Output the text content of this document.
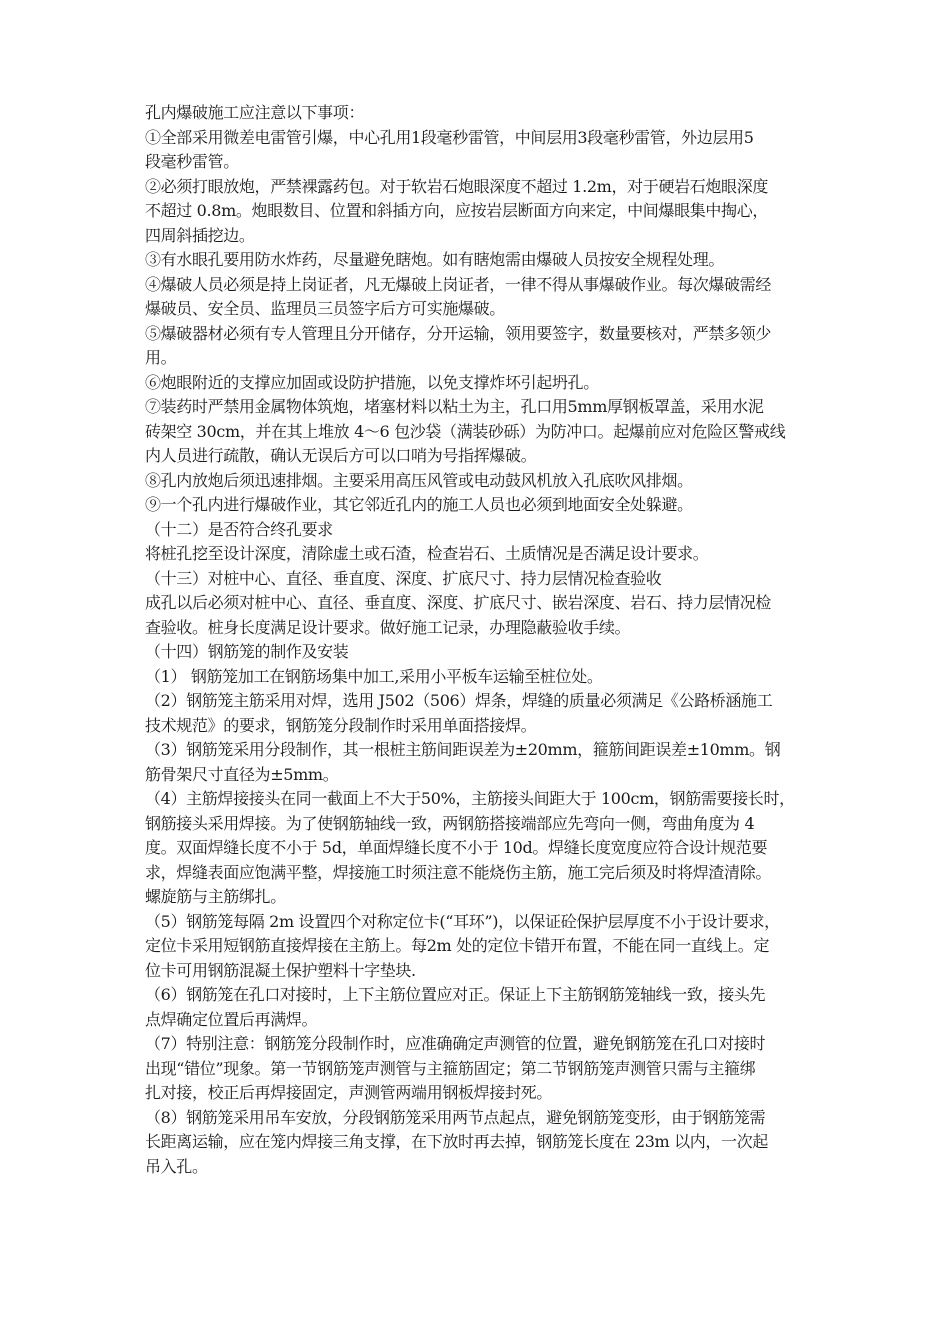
孔内爆破施工应注意以下事项：
①全部采用微差电雷管引爆，中心孔用1段毫秒雷管，中间层用3段毫秒雷管，外边层用5
段毫秒雷管。
②必须打眼放炮，严禁裸露药包。对于软岩石炮眼深度不超过 1.2m，对于硬岩石炮眼深度
不超过 0.8m。炮眼数目、位置和斜插方向，应按岩层断面方向来定，中间爆眼集中掏心，
四周斜插挖边。
③有水眼孔要用防水炸药，尽量避免瞎炮。如有瞎炮需由爆破人员按安全规程处理。
④爆破人员必须是持上岗证者，凡无爆破上岗证者，一律不得从事爆破作业。每次爆破需经
爆破员、安全员、监理员三员签字后方可实施爆破。
⑤爆破器材必须有专人管理且分开储存，分开运输，领用要签字，数量要核对，严禁多领少
用。
⑥炮眼附近的支撑应加固或设防护措施，以免支撑炸坏引起坍孔。
⑦装药时严禁用金属物体筑炮，堵塞材料以粘土为主，孔口用5mm厚钢板罩盖，采用水泥
砖架空 30cm，并在其上堆放 4～6 包沙袋（满装砂砾）为防冲口。起爆前应对危险区警戒线
内人员进行疏散，确认无误后方可以口哨为号指挥爆破。
⑧孔内放炮后须迅速排烟。主要采用高压风管或电动鼓风机放入孔底吹风排烟。
⑨一个孔内进行爆破作业，其它邻近孔内的施工人员也必须到地面安全处躲避。
（十二）是否符合终孔要求
将桩孔挖至设计深度，清除虚土或石渣，检查岩石、土质情况是否满足设计要求。
（十三）对桩中心、直径、垂直度、深度、扩底尺寸、持力层情况检查验收
成孔以后必须对桩中心、直径、垂直度、深度、扩底尺寸、嵌岩深度、岩石、持力层情况检
查验收。桩身长度满足设计要求。做好施工记录，办理隐蔽验收手续。
（十四）钢筋笼的制作及安装
（1） 钢筋笼加工在钢筋场集中加工,采用小平板车运输至桩位处。
（2）钢筋笼主筋采用对焊，选用 J502（506）焊条，焊缝的质量必须满足《公路桥涵施工
技术规范》的要求，钢筋笼分段制作时采用单面搭接焊。
（3）钢筋笼采用分段制作，其一根桩主筋间距误差为±20mm，箍筋间距误差±10mm。钢
筋骨架尺寸直径为±5mm。
（4）主筋焊接接头在同一截面上不大于50%，主筋接头间距大于 100cm，钢筋需要接长时，
钢筋接头采用焊接。为了使钢筋轴线一致，两钢筋搭接端部应先弯向一侧，弯曲角度为 4
度。双面焊缝长度不小于 5d，单面焊缝长度不小于 10d。焊缝长度宽度应符合设计规范要
求，焊缝表面应饱满平整，焊接施工时须注意不能烧伤主筋，施工完后须及时将焊渣清除。
螺旋筋与主筋绑扎。
（5）钢筋笼每隔 2m 设置四个对称定位卡(“耳环”)，以保证砼保护层厚度不小于设计要求，
定位卡采用短钢筋直接焊接在主筋上。每2m 处的定位卡错开布置，不能在同一直线上。定
位卡可用钢筋混凝土保护塑料十字垫块.
（6）钢筋笼在孔口对接时，上下主筋位置应对正。保证上下主筋钢筋笼轴线一致，接头先
点焊确定位置后再满焊。
（7）特别注意：钢筋笼分段制作时，应准确确定声测管的位置，避免钢筋笼在孔口对接时
出现“错位”现象。第一节钢筋笼声测管与主箍筋固定；第二节钢筋笼声测管只需与主箍绑
扎对接，校正后再焊接固定，声测管两端用钢板焊接封死。
（8）钢筋笼采用吊车安放，分段钢筋笼采用两节点起点，避免钢筋笼变形，由于钢筋笼需
长距离运输，应在笼内焊接三角支撑，在下放时再去掉，钢筋笼长度在 23m 以内，一次起
吊入孔。
